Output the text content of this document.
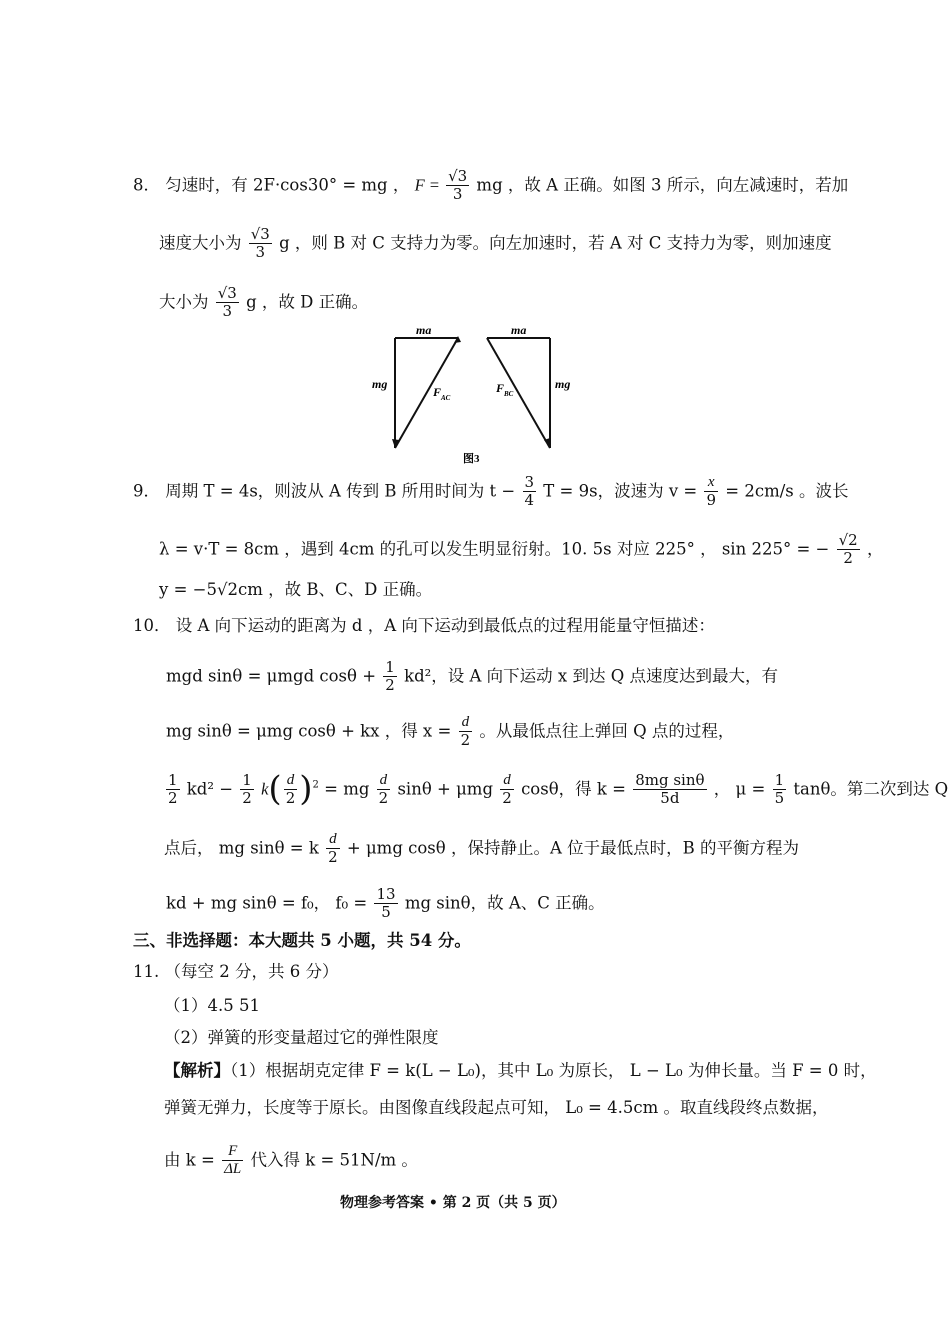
8． 匀速时，有 2F·cos30° = mg ， $F = \frac{√3}{3}$ mg ，故 A 正确。如图 3 所示，向左减速时，若加
速度大小为 $\frac{√3}{3}$ g ，则 B 对 C 支持力为零。向左加速时，若 A 对 C 支持力为零，则加速度
大小为 $\frac{√3}{3}$ g ，故 D 正确。
ma
mg
$F_{AC}$
ma
mg
$F_{BC}$
图3
9． 周期 T = 4s，则波从 A 传到 B 所用时间为 $t - \frac{3}{4}$ T = 9s，波速为 $v = \frac{x}{9} = 2cm/s$ 。波长
λ = v·T = 8cm ，遇到 4cm 的孔可以发生明显衍射。10. 5s 对应 225° ， sin 225° = − $\frac{√2}{2}$ ，
y = −5√2cm ，故 B、C、D 正确。
10． 设 A 向下运动的距离为 d ，A 向下运动到最低点的过程用能量守恒描述：
mgd sinθ = μmgd $\cos\theta + \frac{1}{2} kd^2$，设 A 向下运动 x 到达 Q 点速度达到最大，有
mg sinθ = μmg cosθ + kx ，得 $x = \frac{d}{2}$ 。从最低点往上弹回 Q 点的过程，
$\frac{1}{2} kd^2 - \frac{1}{2} k( \frac{d}{2} )^2$ = mg $\frac{d}{2}$ sinθ + μmg $\frac{d}{2}$ cosθ，得 $k = \frac{\text{8mg sinθ}}{5d}$ ， $\mu = \frac{1}{5}$ tanθ。第二次到达 Q
点后， mg sinθ = k $\frac{d}{2} + \mu mg$ cosθ ，保持静止。A 位于最低点时，B 的平衡方程为
kd + mg sinθ = f₀， $f_0 = \frac{13}{5}$ mg sinθ，故 A、C 正确。
三、非选择题：本大题共 5 小题，共 54 分。
11. （每空 2 分，共 6 分）
（1）4.5 51
（2）弹簧的形变量超过它的弹性限度
【解析】（1）根据胡克定律 F = k(L − L₀)，其中 L₀ 为原长， L − L₀ 为伸长量。当 F = 0 时，
弹簧无弹力，长度等于原长。由图像直线段起点可知， L₀ = 4.5cm 。取直线段终点数据，
由 $k = \frac{F}{\Delta L}$ 代入得 k = 51N/m 。
物理参考答案 • 第 2 页（共 5 页）
